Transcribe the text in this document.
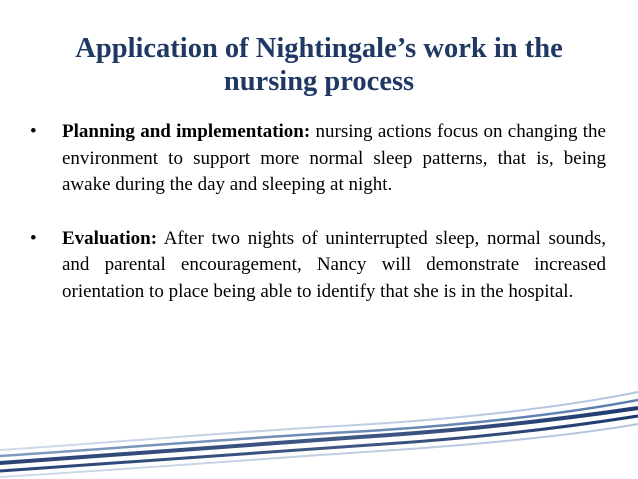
Application of Nightingale’s work in the nursing process
• Planning and implementation: nursing actions focus on changing the environment to support more normal sleep patterns, that is, being awake during the day and sleeping at night.
• Evaluation: After two nights of uninterrupted sleep, normal sounds, and parental encouragement, Nancy will demonstrate increased orientation to place being able to identify that she is in the hospital.
